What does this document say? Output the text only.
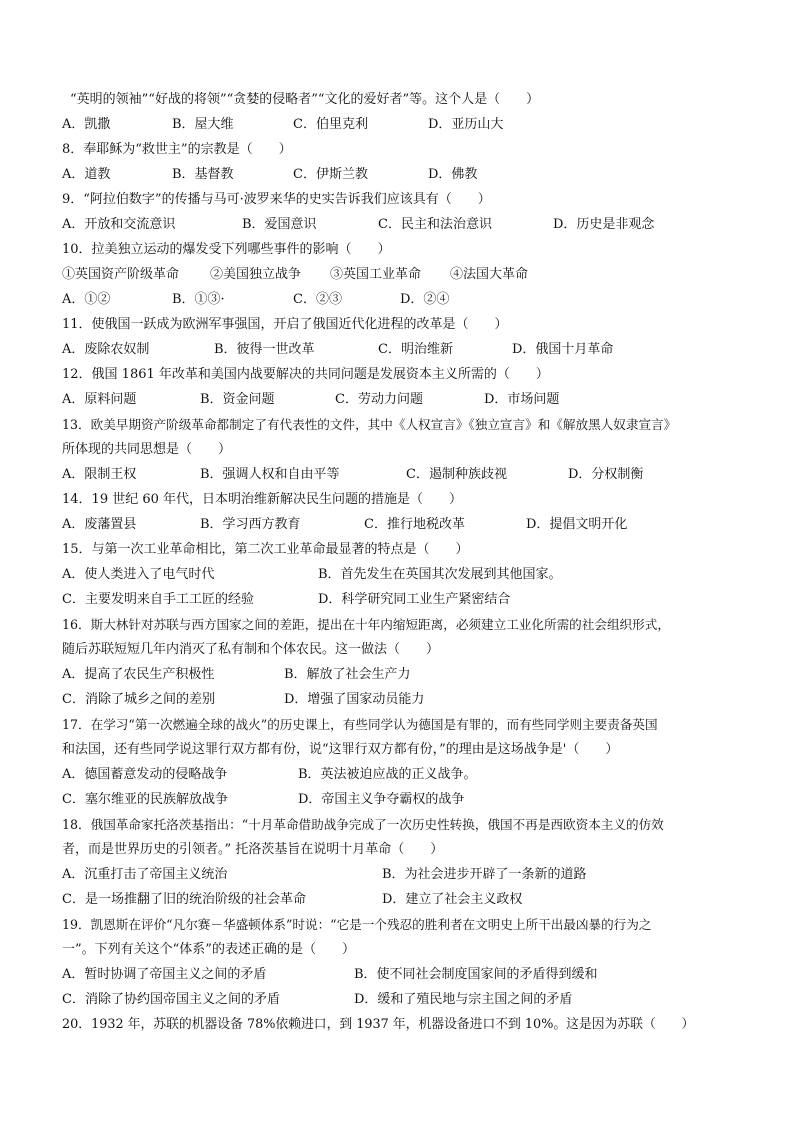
“英明的领袖”“好战的将领”“贪婪的侵略者”“文化的爱好者”等。这个人是（　　）
A．凯撒	B．屋大维	C．伯里克利	D．亚历山大
8．奉耶稣为“救世主”的宗教是（　　）
A．道教	B．基督教	C．伊斯兰教	D．佛教
9．“阿拉伯数字”的传播与马可·波罗来华的史实告诉我们应该具有（　　）
A．开放和交流意识	B．爱国意识	C．民主和法治意识	D．历史是非观念
10．拉美独立运动的爆发受下列哪些事件的影响（　　）
①英国资产阶级革命 ②美国独立战争 ③英国工业革命 ④法国大革命
A．①②	B．①③·	C．②③	D．②④
11．使俄国一跃成为欧洲军事强国，开启了俄国近代化进程的改革是（　　）
A．废除农奴制	B．彼得一世改革	C．明治维新	D．俄国十月革命
12．俄国 1861 年改革和美国内战要解决的共同问题是发展资本主义所需的（　　）
A．原料问题	B．资金问题	C．劳动力问题	D．市场问题
13．欧美早期资产阶级革命都制定了有代表性的文件，其中《人权宣言》《独立宣言》和《解放黑人奴隶宣言》
所体现的共同思想是（　　）
A．限制王权	B．强调人权和自由平等	C．遏制种族歧视	D．分权制衡
14．19 世纪 60 年代，日本明治维新解决民生问题的措施是（　　）
A．废藩置县	B．学习西方教育	C．推行地税改革	D．提倡文明开化
15．与第一次工业革命相比，第二次工业革命最显著的特点是（　　）
A．使人类进入了电气时代	B．首先发生在英国其次发展到其他国家。
C．主要发明来自手工工匠的经验	D．科学研究同工业生产紧密结合
16．斯大林针对苏联与西方国家之间的差距，提出在十年内缩短距离，必须建立工业化所需的社会组织形式，
随后苏联短短几年内消灭了私有制和个体农民。这一做法（　　）
A．提高了农民生产积极性	B．解放了社会生产力
C．消除了城乡之间的差别	D．增强了国家动员能力
17．在学习“第一次燃遍全球的战火”的历史课上，有些同学认为德国是有罪的，而有些同学则主要责备英国
和法国，还有些同学说这罪行双方都有份，说“这罪行双方都有份，”的理由是这场战争是'（　　）
A．德国蓄意发动的侵略战争	B．英法被迫应战的正义战争。
C．塞尔维亚的民族解放战争	D．帝国主义争夺霸权的战争
18．俄国革命家托洛茨基指出：“十月革命借助战争完成了一次历史性转换，俄国不再是西欧资本主义的仿效
者，而是世界历史的引领者。” 托洛茨基旨在说明十月革命（　　）
A．沉重打击了帝国主义统治	B．为社会进步开辟了一条新的道路
C．是一场推翻了旧的统治阶级的社会革命	D．建立了社会主义政权
19．凯恩斯在评价“凡尔赛－华盛顿体系”时说：“它是一个残忍的胜利者在文明史上所干出最凶暴的行为之
一”。下列有关这个“体系”的表述正确的是（　　）
A．暂时协调了帝国主义之间的矛盾	B．使不同社会制度国家间的矛盾得到缓和
C．消除了协约国帝国主义之间的矛盾	D．缓和了殖民地与宗主国之间的矛盾
20．1932 年，苏联的机器设备 78%依赖进口，到 1937 年，机器设备进口不到 10%。这是因为苏联（　　）
